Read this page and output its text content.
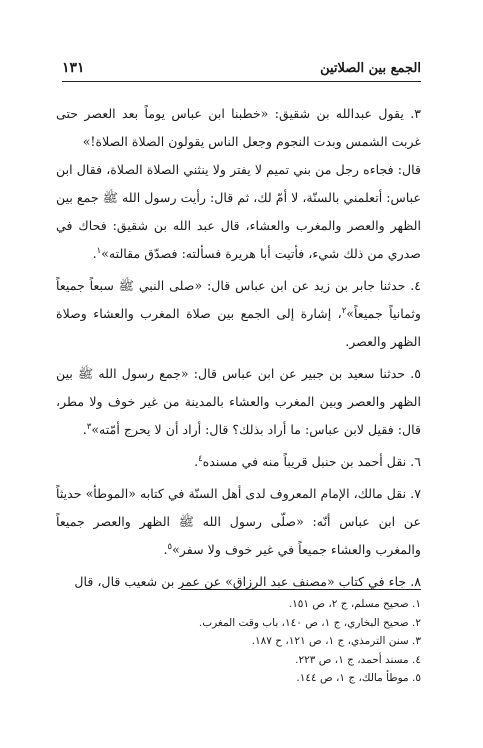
الجمع بين الصلاتين
١٣١

٣. يقول عبدالله بن شقيق: «خطبنا ابن عباس يوماً بعد العصر حتى غربت الشمس وبدت النجوم وجعل الناس يقولون الصلاة الصلاة!»

قال: فجاءه رجل من بني تميم لا يفتر ولا ينثني الصلاة الصلاة، فقال ابن عباس: أتعلمني بالسنّة، لا أمّ لك، ثم قال: رأيت رسول الله ﷺ جمع بين الظهر والعصر والمغرب والعشاء، قال عبد الله بن شقيق: فحاك في صدري من ذلك شيء، فأتيت أبا هريرة فسألته: فصدّق مقالته»$^١$.

٤. حدثنا جابر بن زيد عن ابن عباس قال: «صلى النبي ﷺ سبعاً جميعاً وثمانياً جميعاً»$^٢$، إشارة إلى الجمع بين صلاة المغرب والعشاء وصلاة الظهر والعصر.

٥. حدثنا سعيد بن جبير عن ابن عباس قال: «جمع رسول الله ﷺ بين الظهر والعصر وبين المغرب والعشاء بالمدينة من غير خوف ولا مطر، قال: فقيل لابن عباس: ما أراد بذلك؟ قال: أراد أن لا يحرج أمّته»$^٣$.

٦. نقل أحمد بن حنبل قريباً منه في مسنده$^٤$.

٧. نقل مالك، الإمام المعروف لدى أهل السنّة في كتابه «الموطأ» حديثاً عن ابن عباس أنّه: «صلّى رسول الله ﷺ الظهر والعصر جميعاً والمغرب والعشاء جميعاً في غير خوف ولا سفر»$^٥$.

٨. جاء في كتاب «مصنف عبد الرزاق» عن عمر بن شعيب قال، قال

١. صحيح مسلم، ج ٢، ص ١٥١.
٢. صحيح البخاري، ج ١، ص ١٤٠، باب وقت المغرب.
٣. سنن الترمذي، ج ١، ص ١٢١، ح ١٨٧.
٤. مسند أحمد، ج ١، ص ٢٢٣.
٥. موطأ مالك، ج ١، ص ١٤٤.
